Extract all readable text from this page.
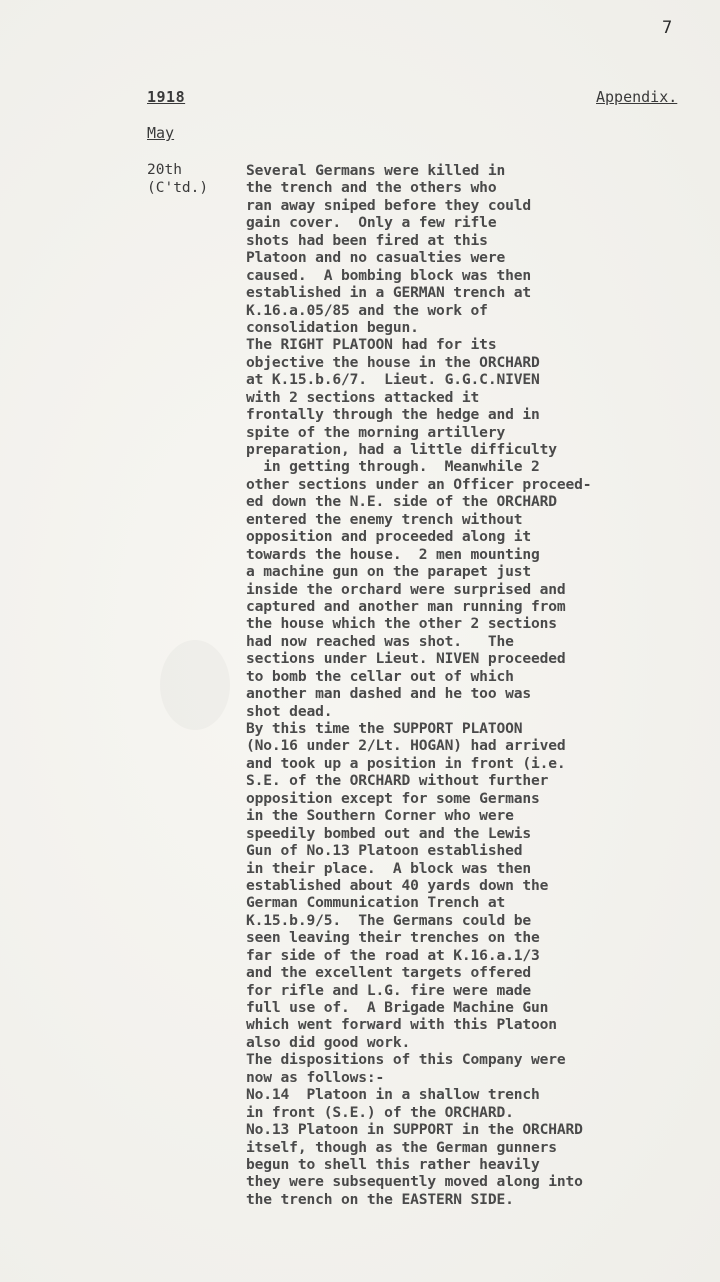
7
1918	Appendix.
May
20th
(C'td.)
Several Germans were killed in
the trench and the others who
ran away sniped before they could
gain cover.  Only a few rifle
shots had been fired at this
Platoon and no casualties were
caused.  A bombing block was then
established in a GERMAN trench at
K.16.a.05/85 and the work of
consolidation begun.
The RIGHT PLATOON had for its
objective the house in the ORCHARD
at K.15.b.6/7.  Lieut. G.G.C.NIVEN
with 2 sections attacked it
frontally through the hedge and in
spite of the morning artillery
preparation, had a little difficulty
in getting through.  Meanwhile 2
other sections under an Officer proceed-
ed down the N.E. side of the ORCHARD
entered the enemy trench without
opposition and proceeded along it
towards the house.  2 men mounting
a machine gun on the parapet just
inside the orchard were surprised and
captured and another man running from
the house which the other 2 sections
had now reached was shot.   The
sections under Lieut. NIVEN proceeded
to bomb the cellar out of which
another man dashed and he too was
shot dead.
By this time the SUPPORT PLATOON
(No.16 under 2/Lt. HOGAN) had arrived
and took up a position in front (i.e.
S.E. of the ORCHARD without further
opposition except for some Germans
in the Southern Corner who were
speedily bombed out and the Lewis
Gun of No.13 Platoon established
in their place.  A block was then
established about 40 yards down the
German Communication Trench at
K.15.b.9/5.  The Germans could be
seen leaving their trenches on the
far side of the road at K.16.a.1/3
and the excellent targets offered
for rifle and L.G. fire were made
full use of.  A Brigade Machine Gun
which went forward with this Platoon
also did good work.
The dispositions of this Company were
now as follows:-
No.14  Platoon in a shallow trench
in front (S.E.) of the ORCHARD.
No.13 Platoon in SUPPORT in the ORCHARD
itself, though as the German gunners
begun to shell this rather heavily
they were subsequently moved along into
the trench on the EASTERN SIDE.
